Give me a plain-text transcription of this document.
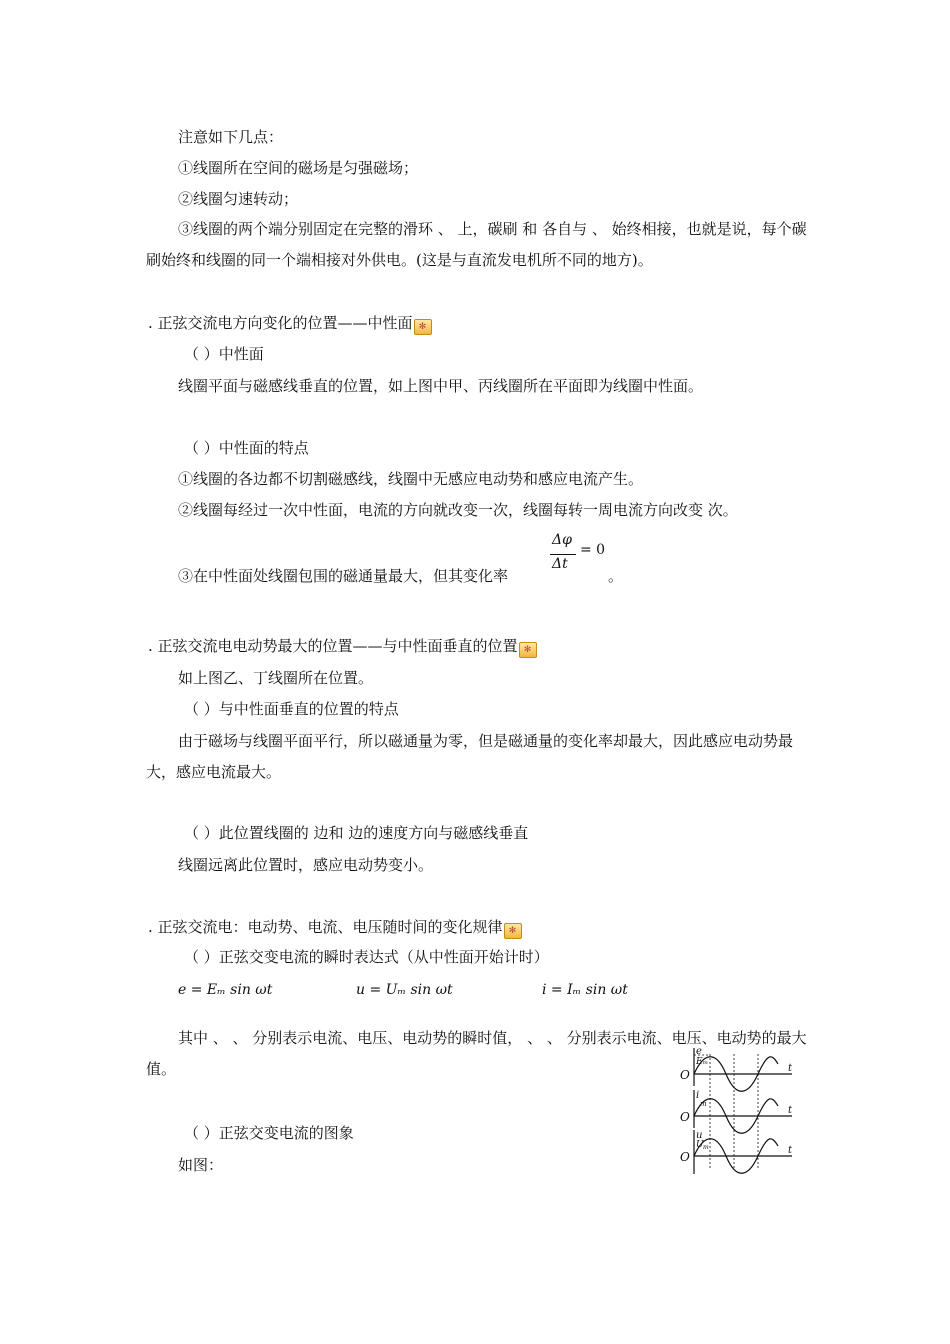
注意如下几点：
①线圈所在空间的磁场是匀强磁场；
②线圈匀速转动；
③线圈的两个端分别固定在完整的滑环 、 上，碳刷 和 各自与 、 始终相接，也就是说，每个碳刷始终和线圈的同一个端相接对外供电。(这是与直流发电机所不同的地方)。
. 正弦交流电方向变化的位置——中性面 ✻
（ ）中性面
线圈平面与磁感线垂直的位置，如上图中甲、丙线圈所在平面即为线圈中性面。
（ ）中性面的特点
①线圈的各边都不切割磁感线，线圈中无感应电动势和感应电流产生。
②线圈每经过一次中性面，电流的方向就改变一次，线圈每转一周电流方向改变 次。
③在中性面处线圈包围的磁通量最大，但其变化率
Δφ
Δt
= 0
。
. 正弦交流电电动势最大的位置——与中性面垂直的位置 ✻
如上图乙、丁线圈所在位置。
（ ）与中性面垂直的位置的特点
由于磁场与线圈平面平行，所以磁通量为零，但是磁通量的变化率却最大，因此感应电动势最大，感应电流最大。
（ ）此位置线圈的 边和 边的速度方向与磁感线垂直
线圈远离此位置时，感应电动势变小。
. 正弦交流电：电动势、电流、电压随时间的变化规律 ✻
（ ）正弦交变电流的瞬时表达式（从中性面开始计时）
e = Eₘ sin ωt	u = Uₘ sin ωt	i = Iₘ sin ωt
其中 、 、 分别表示电流、电压、电动势的瞬时值， 、 、 分别表示电流、电压、电动势的最大值。
（ ）正弦交变电流的图象
如图：
O
O
O
t
t
t
e
Eₘ
i
m
u
U m
